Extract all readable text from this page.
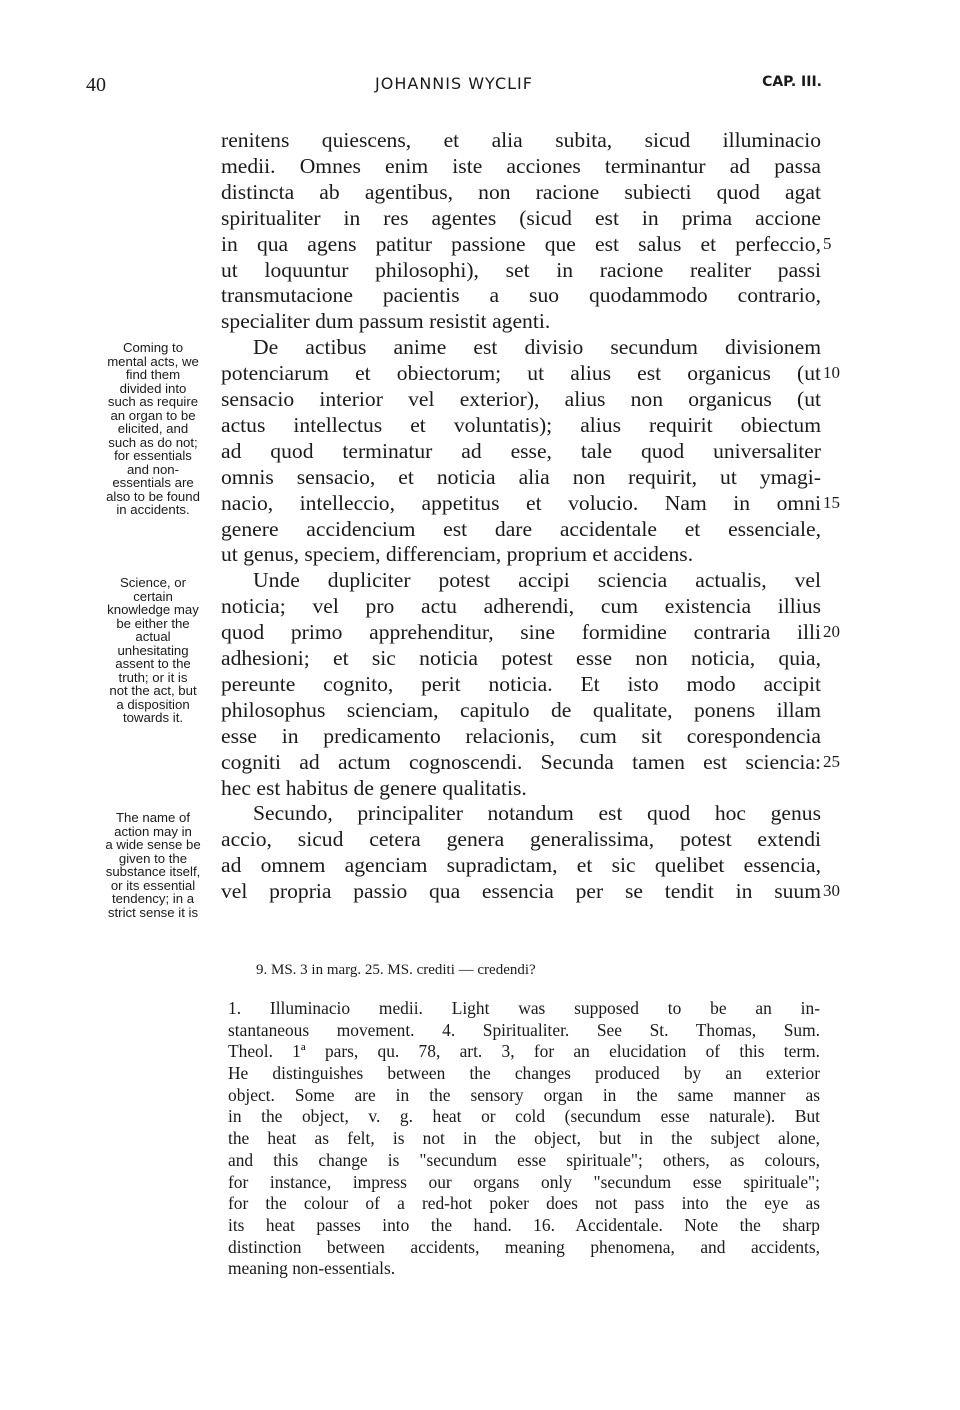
40	JOHANNIS WYCLIF	CAP. III.
renitens quiescens, et alia subita, sicud illuminacio
medii. Omnes enim iste acciones terminantur ad passa
distincta ab agentibus, non racione subiecti quod agat
spiritualiter in res agentes (sicud est in prima accione
in qua agens patitur passione que est salus et perfeccio, 5
ut loquuntur philosophi), set in racione realiter passi
transmutacione pacientis a suo quodammodo contrario,
specialiter dum passum resistit agenti.
De actibus anime est divisio secundum divisionem
potenciarum et obiectorum; ut alius est organicus (ut 10
sensacio interior vel exterior), alius non organicus (ut
actus intellectus et voluntatis); alius requirit obiectum
ad quod terminatur ad esse, tale quod universaliter
omnis sensacio, et noticia alia non requirit, ut ymagi-
nacio, intelleccio, appetitus et volucio. Nam in omni 15
genere accidencium est dare accidentale et essenciale,
ut genus, speciem, differenciam, proprium et accidens.
Unde dupliciter potest accipi sciencia actualis, vel
noticia; vel pro actu adherendi, cum existencia illius
quod primo apprehenditur, sine formidine contraria illi 20
adhesioni; et sic noticia potest esse non noticia, quia,
pereunte cognito, perit noticia. Et isto modo accipit
philosophus scienciam, capitulo de qualitate, ponens illam
esse in predicamento relacionis, cum sit corespondencia
cogniti ad actum cognoscendi. Secunda tamen est sciencia: 25
hec est habitus de genere qualitatis.
Secundo, principaliter notandum est quod hoc genus
accio, sicud cetera genera generalissima, potest extendi
ad omnem agenciam supradictam, et sic quelibet essencia,
vel propria passio qua essencia per se tendit in suum 30
Coming to
mental acts, we
find them
divided into
such as require
an organ to be
elicited, and
such as do not;
for essentials
and non-
essentials are
also to be found
in accidents.
Science, or
certain
knowledge may
be either the
actual
unhesitating
assent to the
truth; or it is
not the act, but
a disposition
towards it.
The name of
action may in
a wide sense be
given to the
substance itself,
or its essential
tendency; in a
strict sense it is
9. MS. 3 in marg. 25. MS. crediti — credendi?
1. Illuminacio medii. Light was supposed to be an in-
stantaneous movement. 4. Spiritualiter. See St. Thomas, Sum.
Theol. 1ª pars, qu. 78, art. 3, for an elucidation of this term.
He distinguishes between the changes produced by an exterior
object. Some are in the sensory organ in the same manner as
in the object, v. g. heat or cold (secundum esse naturale). But
the heat as felt, is not in the object, but in the subject alone,
and this change is "secundum esse spirituale"; others, as colours,
for instance, impress our organs only "secundum esse spirituale";
for the colour of a red-hot poker does not pass into the eye as
its heat passes into the hand. 16. Accidentale. Note the sharp
distinction between accidents, meaning phenomena, and accidents,
meaning non-essentials.
